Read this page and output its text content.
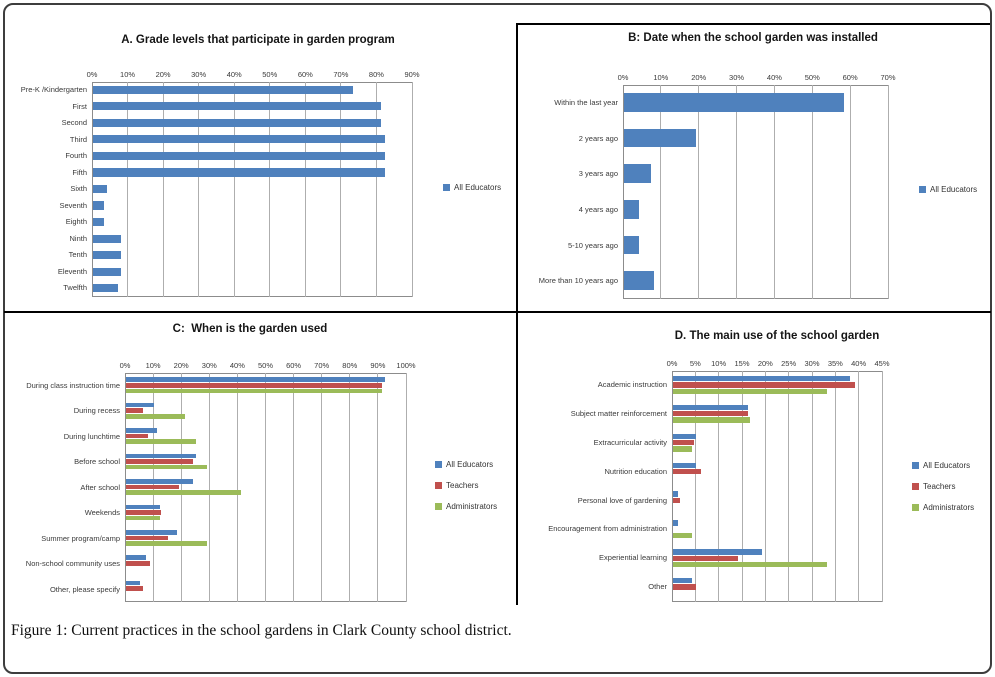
A. Grade levels that participate in garden program
0%	10%	20%	30%	40%	50%	60%	70%	80%	90%
Pre-K /Kindergarten
First
Second
Third
Fourth
Fifth
Sixth
Seventh
Eighth
Ninth
Tenth
Eleventh
Twelfth
All Educators
B: Date when the school garden was installed
0%	10%	20%	30%	40%	50%	60%	70%
Within the last year
2 years ago
3 years ago
4 years ago
5-10 years ago
More than 10 years ago
All Educators
C:  When is the garden used
0%	10%	20%	30%	40%	50%	60%	70%	80%	90%	100%
During class instruction time
During recess
During lunchtime
Before school
After school
Weekends
Summer program/camp
Non-school community uses
Other, please specify
All Educators
Teachers
Administrators
D. The main use of the school garden
0%	5%	10%	15%	20%	25%	30%	35%	40%	45%
Academic instruction
Subject matter reinforcement
Extracurricular activity
Nutrition education
Personal love of gardening
Encouragement from administration
Experiential learning
Other
All Educators
Teachers
Administrators
Figure 1: Current practices in the school gardens in Clark County school district.
